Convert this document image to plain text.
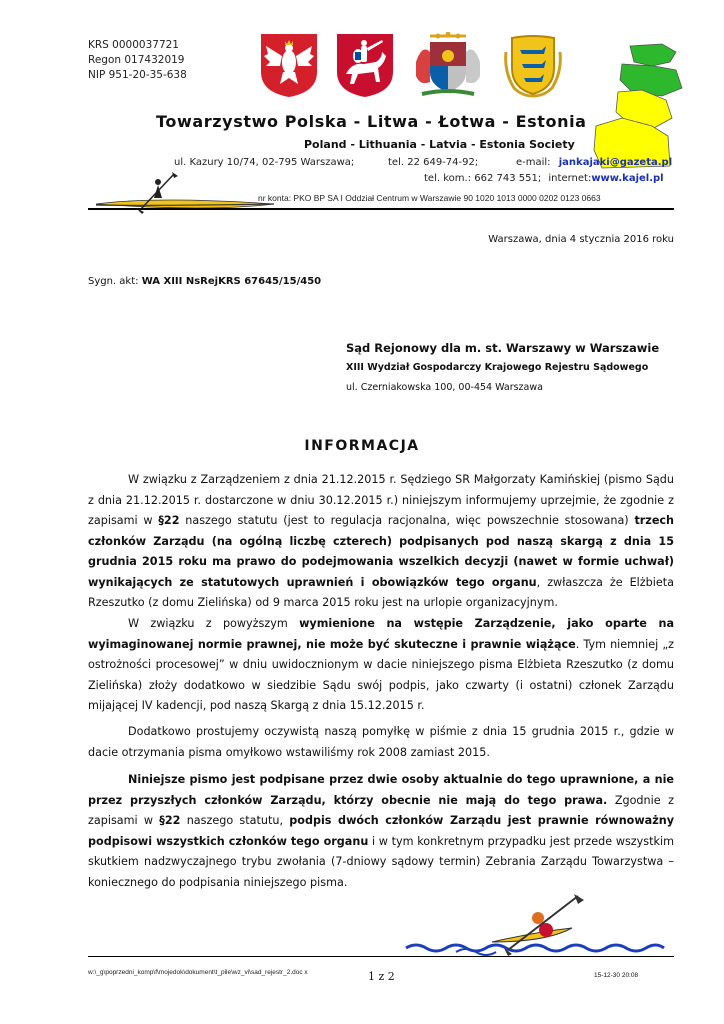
KRS 0000037721
Regon 017432019
NIP 951-20-35-638
Towarzystwo Polska - Litwa - Łotwa - Estonia
Poland - Lithuania - Latvia - Estonia Society
ul. Kazury 10/74, 02-795 Warszawa;	tel. 22 649-74-92;	e-mail: jankajaki@gazeta.pl
tel. kom.: 662 743 551; internet:www.kajel.pl
nr konta: PKO BP SA I Oddział Centrum w Warszawie 90 1020 1013 0000 0202 0123 0663
Warszawa, dnia 4 stycznia 2016 roku
Sygn. akt: WA XIII NsRejKRS 67645/15/450
Sąd Rejonowy dla m. st. Warszawy w Warszawie
XIII Wydział Gospodarczy Krajowego Rejestru Sądowego
ul. Czerniakowska 100, 00-454 Warszawa
INFORMACJA

W związku z Zarządzeniem z dnia 21.12.2015 r. Sędziego SR Małgorzaty Kamińskiej (pismo Sądu z dnia 21.12.2015 r. dostarczone w dniu 30.12.2015 r.) niniejszym informujemy uprzejmie, że zgodnie z zapisami w §22 naszego statutu (jest to regulacja racjonalna, więc powszechnie stosowana) trzech członków Zarządu (na ogólną liczbę czterech) podpisanych pod naszą skargą z dnia 15 grudnia 2015 roku ma prawo do podejmowania wszelkich decyzji (nawet w formie uchwał) wynikających ze statutowych uprawnień i obowiązków tego organu, zwłaszcza że Elżbieta Rzeszutko (z domu Zielińska) od 9 marca 2015 roku jest na urlopie organizacyjnym.

W związku z powyższym wymienione na wstępie Zarządzenie, jako oparte na wyimaginowanej normie prawnej, nie może być skuteczne i prawnie wiążące. Tym niemniej „z ostrożności procesowej” w dniu uwidocznionym w dacie niniejszego pisma Elżbieta Rzeszutko (z domu Zielińska) złoży dodatkowo w siedzibie Sądu swój podpis, jako czwarty (i ostatni) członek Zarządu mijającej IV kadencji, pod naszą Skargą z dnia 15.12.2015 r.

Dodatkowo prostujemy oczywistą naszą pomyłkę w piśmie z dnia 15 grudnia 2015 r., gdzie w dacie otrzymania pisma omyłkowo wstawiliśmy rok 2008 zamiast 2015.

Niniejsze pismo jest podpisane przez dwie osoby aktualnie do tego uprawnione, a nie przez przyszłych członków Zarządu, którzy obecnie nie mają do tego prawa. Zgodnie z zapisami w §22 naszego statutu, podpis dwóch członków Zarządu jest prawnie równoważny podpisowi wszystkich członków tego organu i w tym konkretnym przypadku jest przede wszystkim skutkiem nadzwyczajnego trybu zwołania (7-dniowy sądowy termin) Zebrania Zarządu Towarzystwa – koniecznego do podpisania niniejszego pisma.

w:\_g\poprzedni_komp\f\mojedok\dokument\t_pile\wz_vi\sad_rejestr_2.doc x	1 z 2	15-12-30 20:08
